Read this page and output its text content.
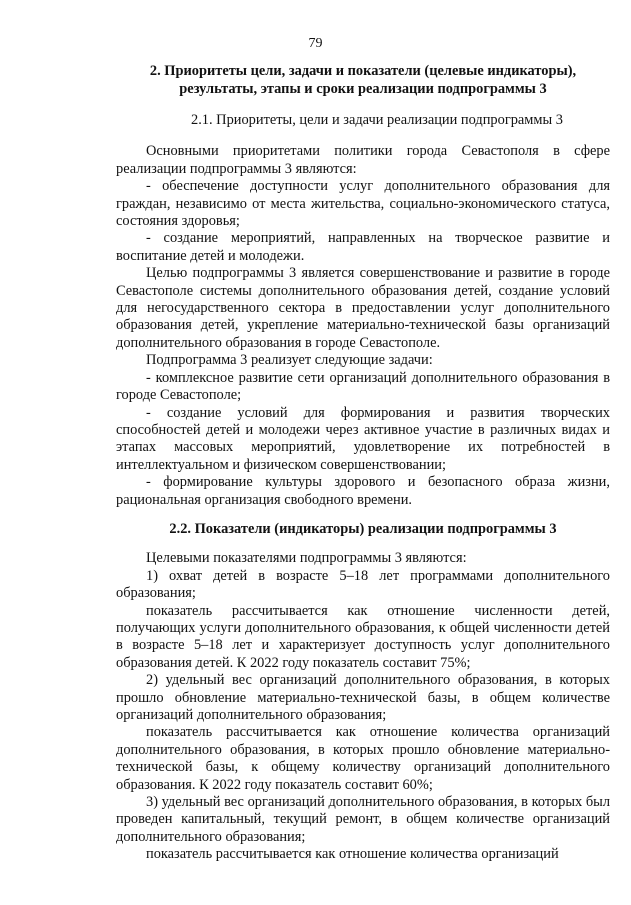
79
2. Приоритеты цели, задачи и показатели (целевые индикаторы),
результаты, этапы и сроки реализации подпрограммы 3
2.1. Приоритеты, цели и задачи реализации подпрограммы 3

Основными приоритетами политики города Севастополя в сфере реализации подпрограммы 3 являются:

- обеспечение доступности услуг дополнительного образования для граждан, независимо от места жительства, социально-экономического статуса, состояния здоровья;

- создание мероприятий, направленных на творческое развитие и воспитание детей и молодежи.

Целью подпрограммы 3 является совершенствование и развитие в городе Севастополе системы дополнительного образования детей, создание условий для негосударственного сектора в предоставлении услуг дополнительного образования детей, укрепление материально-технической базы организаций дополнительного образования в городе Севастополе.

Подпрограмма 3 реализует следующие задачи:

- комплексное развитие сети организаций дополнительного образования в городе Севастополе;

- создание условий для формирования и развития творческих способностей детей и молодежи через активное участие в различных видах и этапах массовых мероприятий, удовлетворение их потребностей в интеллектуальном и физическом совершенствовании;

- формирование культуры здорового и безопасного образа жизни, рациональная организация свободного времени.

2.2. Показатели (индикаторы) реализации подпрограммы 3

Целевыми показателями подпрограммы 3 являются:

1) охват детей в возрасте 5–18 лет программами дополнительного образования;

показатель рассчитывается как отношение численности детей, получающих услуги дополнительного образования, к общей численности детей в возрасте 5–18 лет и характеризует доступность услуг дополнительного образования детей. К 2022 году показатель составит 75%;

2) удельный вес организаций дополнительного образования, в которых прошло обновление материально-технической базы, в общем количестве организаций дополнительного образования;

показатель рассчитывается как отношение количества организаций дополнительного образования, в которых прошло обновление материально-технической базы, к общему количеству организаций дополнительного образования. К 2022 году показатель составит 60%;

3) удельный вес организаций дополнительного образования, в которых был проведен капитальный, текущий ремонт, в общем количестве организаций дополнительного образования;

показатель рассчитывается как отношение количества организаций
